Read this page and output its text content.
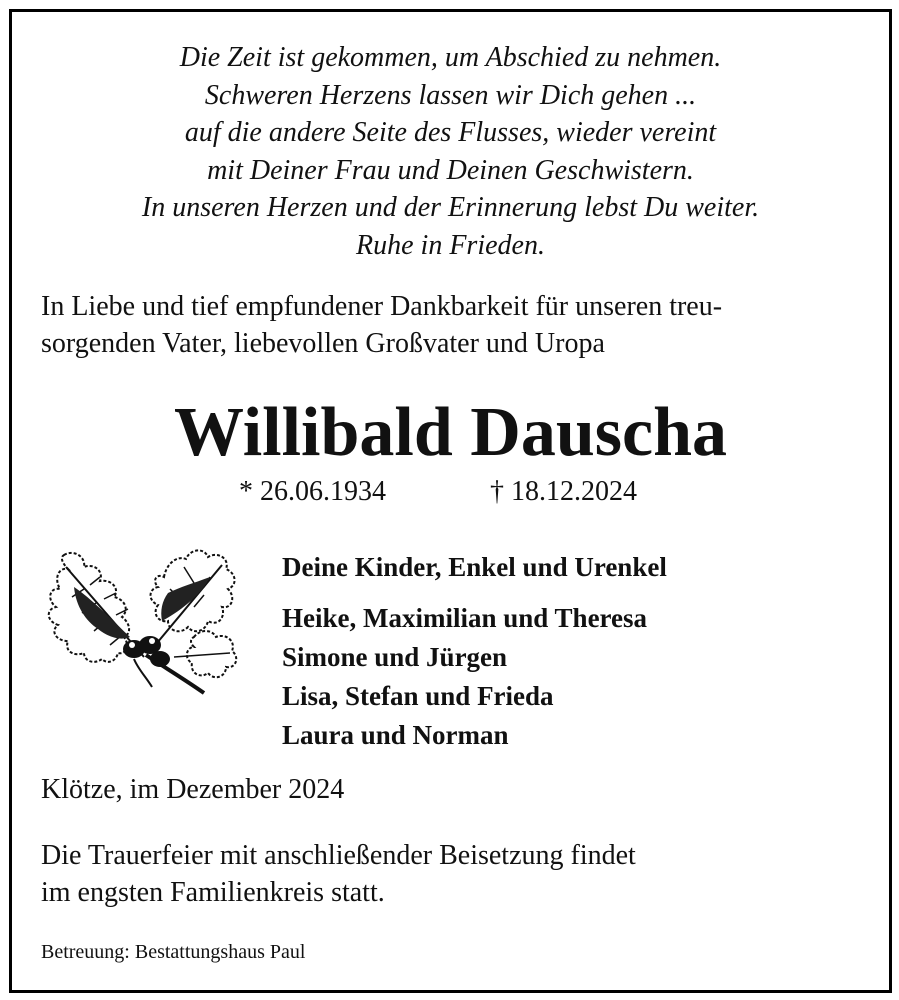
Die Zeit ist gekommen, um Abschied zu nehmen.
Schweren Herzens lassen wir Dich gehen ...
auf die andere Seite des Flusses, wieder vereint
mit Deiner Frau und Deinen Geschwistern.
In unseren Herzen und der Erinnerung lebst Du weiter.
Ruhe in Frieden.
In Liebe und tief empfundener Dankbarkeit für unseren treu-
sorgenden Vater, liebevollen Großvater und Uropa
Willibald Dauscha
* 26.06.1934	† 18.12.2024
Deine Kinder, Enkel und Urenkel
Heike, Maximilian und Theresa
Simone und Jürgen
Lisa, Stefan und Frieda
Laura und Norman
Klötze, im Dezember 2024
Die Trauerfeier mit anschließender Beisetzung findet
im engsten Familienkreis statt.
Betreuung: Bestattungshaus Paul
